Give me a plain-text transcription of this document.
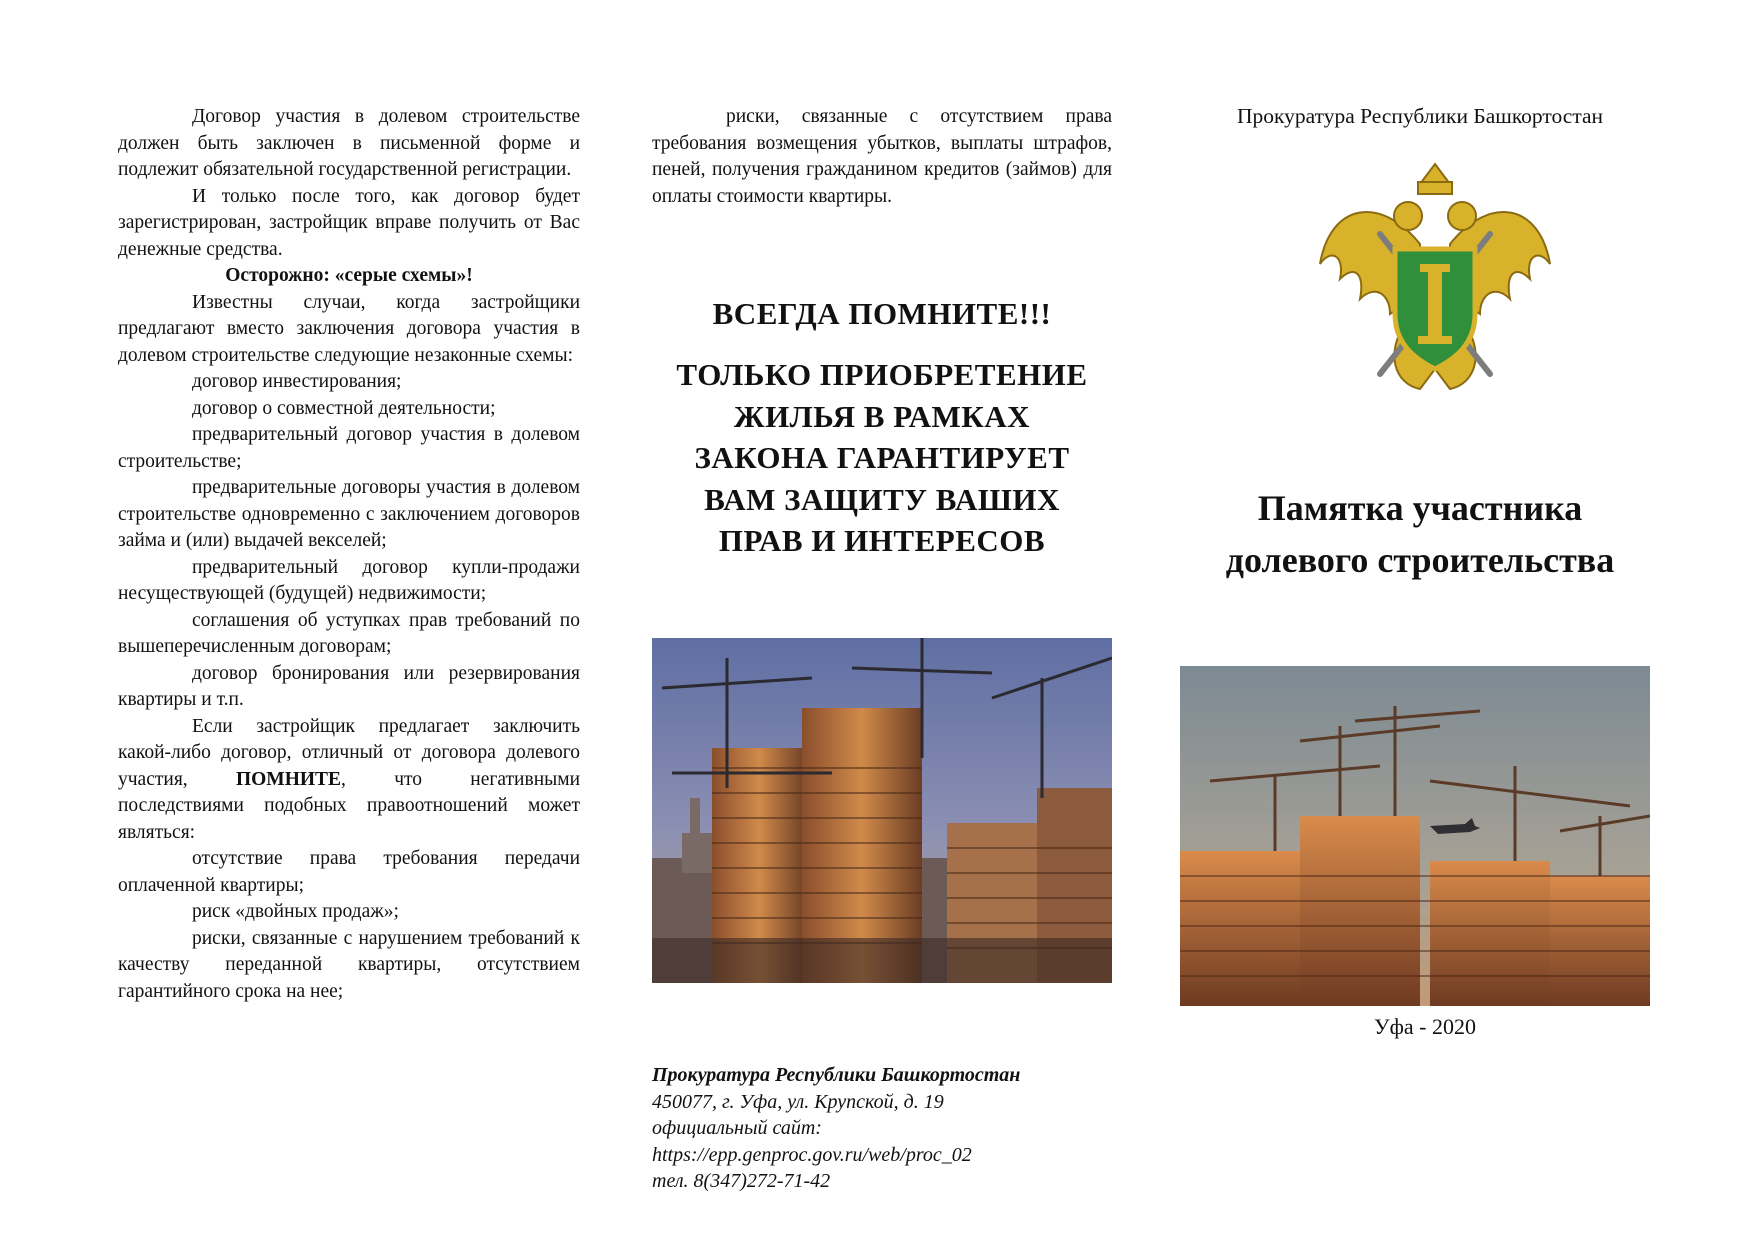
Договор участия в долевом строительстве должен быть заключен в письменной форме и подлежит обязательной государственной регистрации.

И только после того, как договор будет зарегистрирован, застройщик вправе получить от Вас денежные средства.

Осторожно: «серые схемы»!

Известны случаи, когда застройщики предлагают вместо заключения договора участия в долевом строительстве следующие незаконные схемы:

договор инвестирования;

договор о совместной деятельности;

предварительный договор участия в долевом строительстве;

предварительные договоры участия в долевом строительстве одновременно с заключением договоров займа и (или) выдачей векселей;

предварительный договор купли-продажи несуществующей (будущей) недвижимости;

соглашения об уступках прав требований по вышеперечисленным договорам;

договор бронирования или резервирования квартиры и т.п.

Если застройщик предлагает заключить какой-либо договор, отличный от договора долевого участия, ПОМНИТЕ, что негативными последствиями подобных правоотношений может являться:

отсутствие права требования передачи оплаченной квартиры;

риск «двойных продаж»;

риски, связанные с нарушением требований к качеству переданной квартиры, отсутствием гарантийного срока на нее;

риски, связанные с отсутствием права требования возмещения убытков, выплаты штрафов, пеней, получения гражданином кредитов (займов) для оплаты стоимости квартиры.

ВСЕГДА ПОМНИТЕ!!!

ТОЛЬКО ПРИОБРЕТЕНИЕ
ЖИЛЬЯ В РАМКАХ
ЗАКОНА ГАРАНТИРУЕТ
ВАМ ЗАЩИТУ ВАШИХ
ПРАВ И ИНТЕРЕСОВ
Прокуратура Республики Башкортостан
450077, г. Уфа, ул. Крупской, д. 19
официальный сайт:
https://epp.genproc.gov.ru/web/proc_02
тел. 8(347)272-71-42

Прокуратура Республики Башкортостан

Памятка участника
долевого строительства

Уфа - 2020
